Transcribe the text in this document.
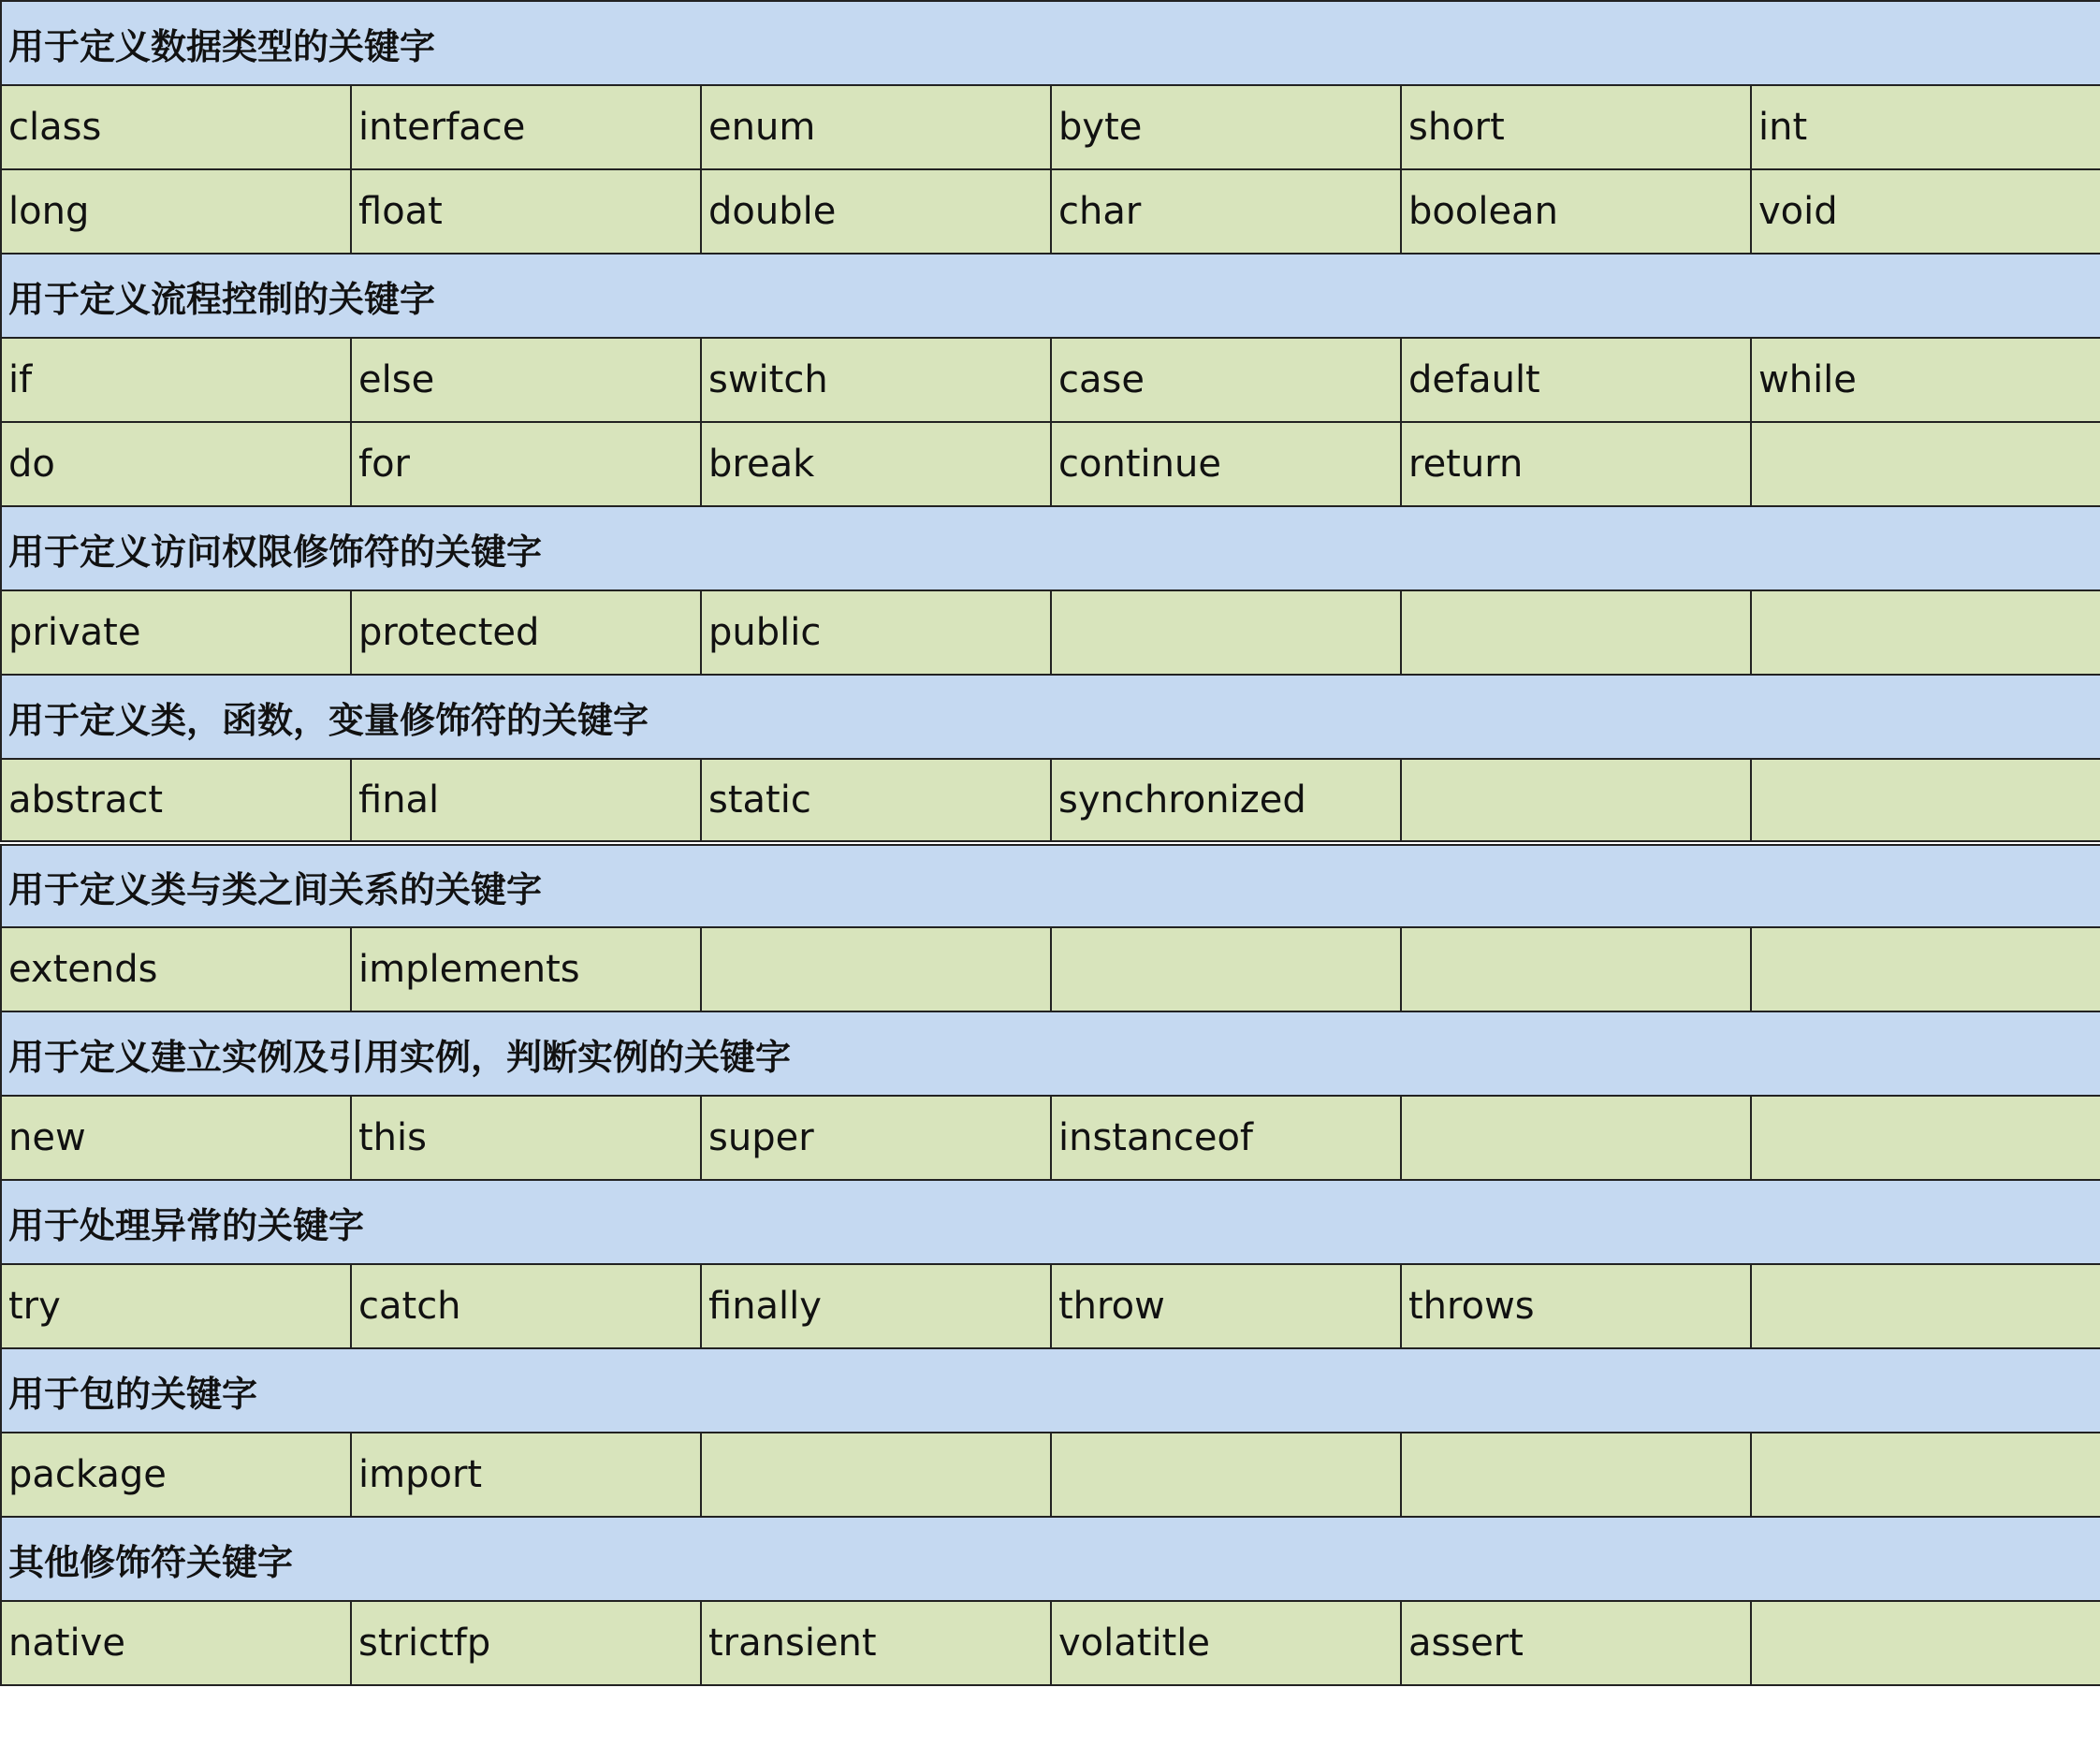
用于定义数据类型的关键字					
class	interface	enum	byte	short	int
long	float	double	char	boolean	void
用于定义流程控制的关键字					
if	else	switch	case	default	while
do	for	break	continue	return	
用于定义访问权限修饰符的关键字					
private	protected	public			
用于定义类，函数，变量修饰符的关键字					
abstract	final	static	synchronized		
用于定义类与类之间关系的关键字					
extends	implements				
用于定义建立实例及引用实例，判断实例的关键字					
new	this	super	instanceof		
用于处理异常的关键字					
try	catch	finally	throw	throws	
用于包的关键字					
package	import				
其他修饰符关键字					
native	strictfp	transient	volatitle	assert	
